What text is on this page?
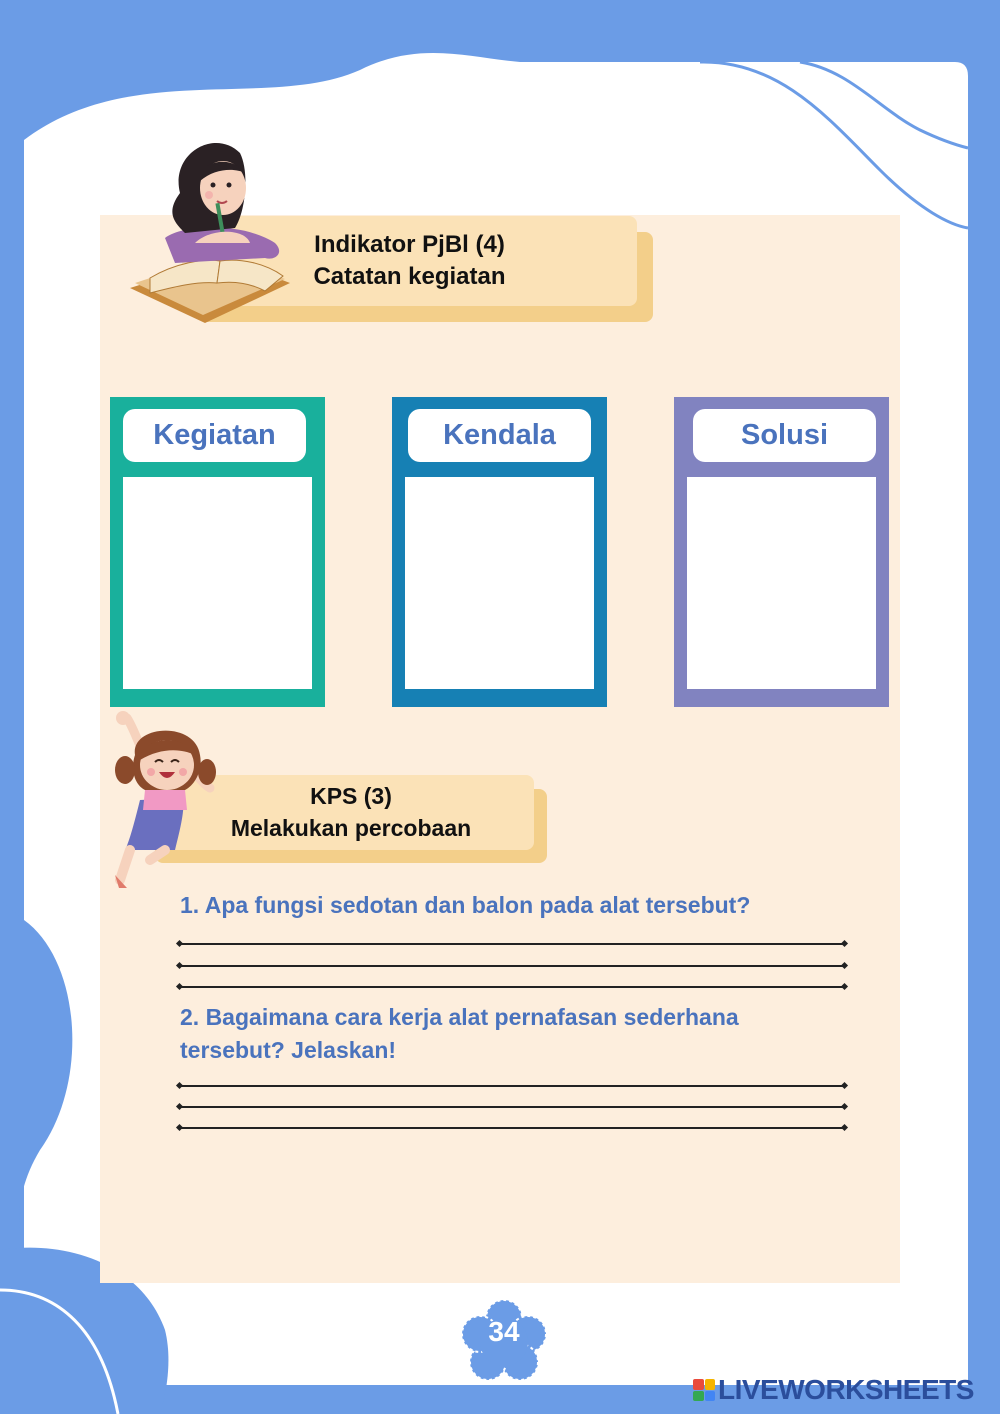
Indikator PjBl (4)
Catatan kegiatan
Kegiatan	Kendala	Solusi
KPS (3)
Melakukan percobaan
1. Apa fungsi sedotan dan balon pada alat tersebut?
2. Bagaimana cara kerja alat pernafasan sederhana tersebut? Jelaskan!
34
LIVEWORKSHEETS
